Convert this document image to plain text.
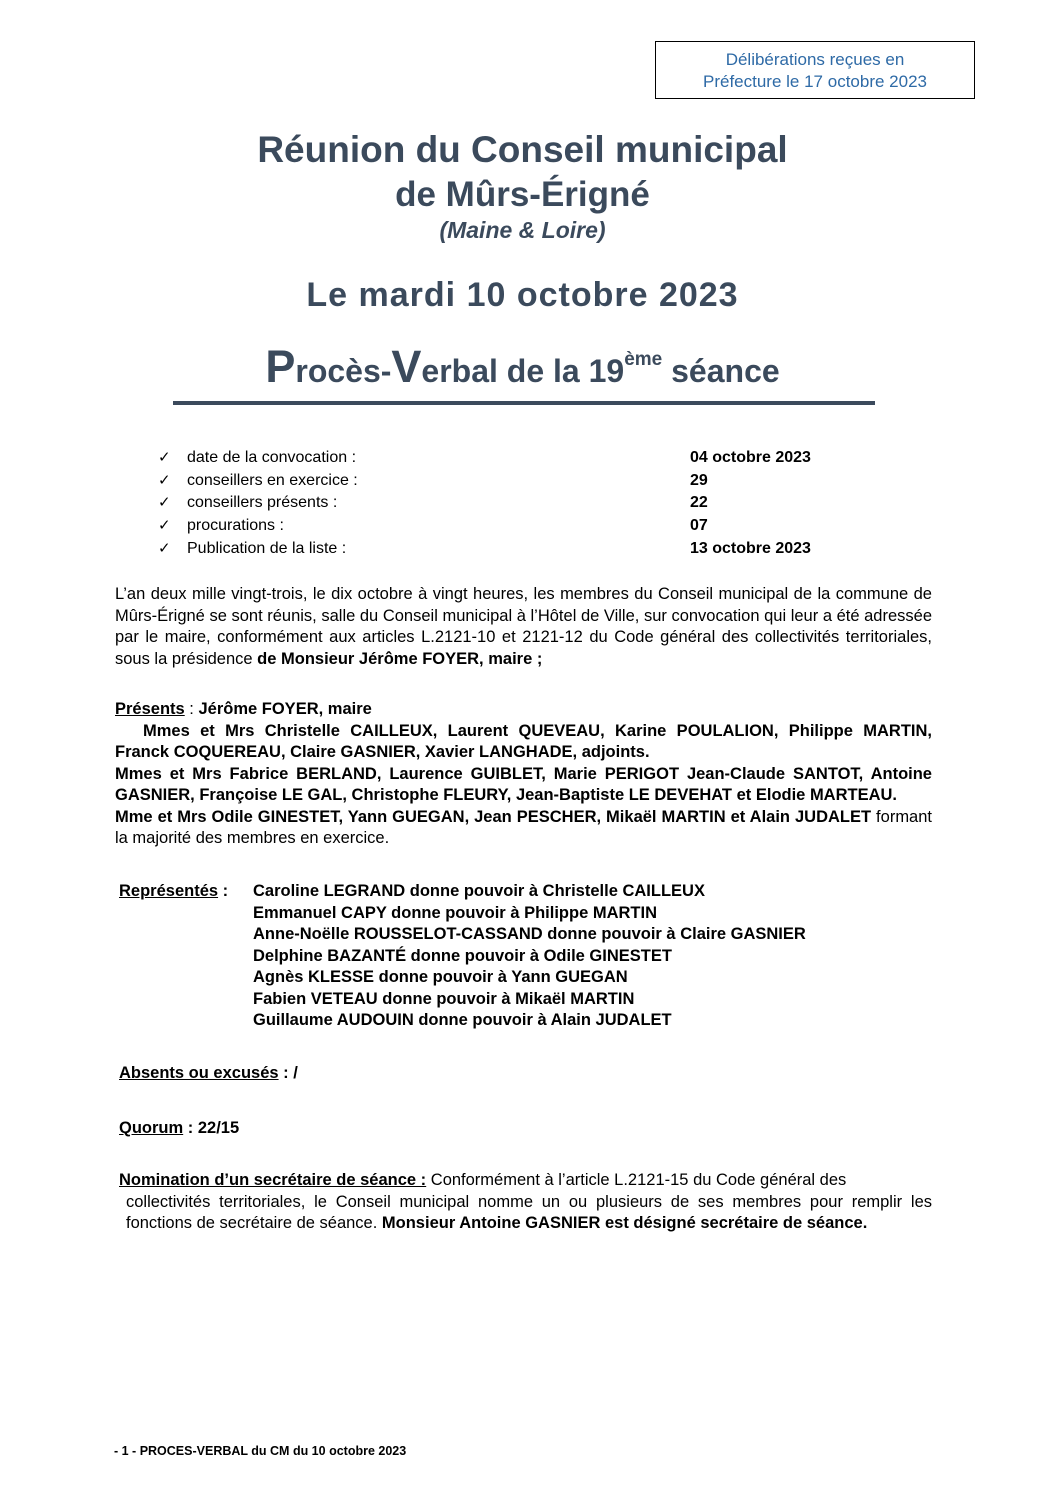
Délibérations reçues en
Préfecture le 17 octobre 2023
Réunion du Conseil municipal
de Mûrs-Érigné
(Maine & Loire)
Le mardi 10 octobre 2023
Procès-Verbal de la 19ème séance
✓ date de la convocation :	04 octobre 2023
✓ conseillers en exercice :	29
✓ conseillers présents :	22
✓ procurations :	07
✓ Publication de la liste :	13 octobre 2023
L’an deux mille vingt-trois, le dix octobre à vingt heures, les membres du Conseil municipal de la commune de Mûrs-Érigné se sont réunis, salle du Conseil municipal à l’Hôtel de Ville, sur convocation qui leur a été adressée par le maire, conformément aux articles L.2121-10 et 2121-12 du Code général des collectivités territoriales, sous la présidence de Monsieur Jérôme FOYER, maire ;
Présents : Jérôme FOYER, maire
Mmes et Mrs Christelle CAILLEUX, Laurent QUEVEAU, Karine POULALION, Philippe MARTIN, Franck COQUEREAU, Claire GASNIER, Xavier LANGHADE, adjoints.
Mmes et Mrs Fabrice BERLAND, Laurence GUIBLET, Marie PERIGOT Jean-Claude SANTOT, Antoine GASNIER, Françoise LE GAL, Christophe FLEURY, Jean-Baptiste LE DEVEHAT et Elodie MARTEAU.
Mme et Mrs Odile GINESTET, Yann GUEGAN, Jean PESCHER, Mikaël MARTIN et Alain JUDALET formant la majorité des membres en exercice.
Représentés : Caroline LEGRAND donne pouvoir à Christelle CAILLEUX
Emmanuel CAPY donne pouvoir à Philippe MARTIN
Anne-Noëlle ROUSSELOT-CASSAND donne pouvoir à Claire GASNIER
Delphine BAZANTÉ donne pouvoir à Odile GINESTET
Agnès KLESSE donne pouvoir à Yann GUEGAN
Fabien VETEAU donne pouvoir à Mikaël MARTIN
Guillaume AUDOUIN donne pouvoir à Alain JUDALET
Absents ou excusés : /
Quorum : 22/15
Nomination d’un secrétaire de séance : Conformément à l’article L.2121-15 du Code général des
collectivités territoriales, le Conseil municipal nomme un ou plusieurs de ses membres pour remplir les fonctions de secrétaire de séance. Monsieur Antoine GASNIER est désigné secrétaire de séance.
- 1 - PROCES-VERBAL du CM du 10 octobre 2023
